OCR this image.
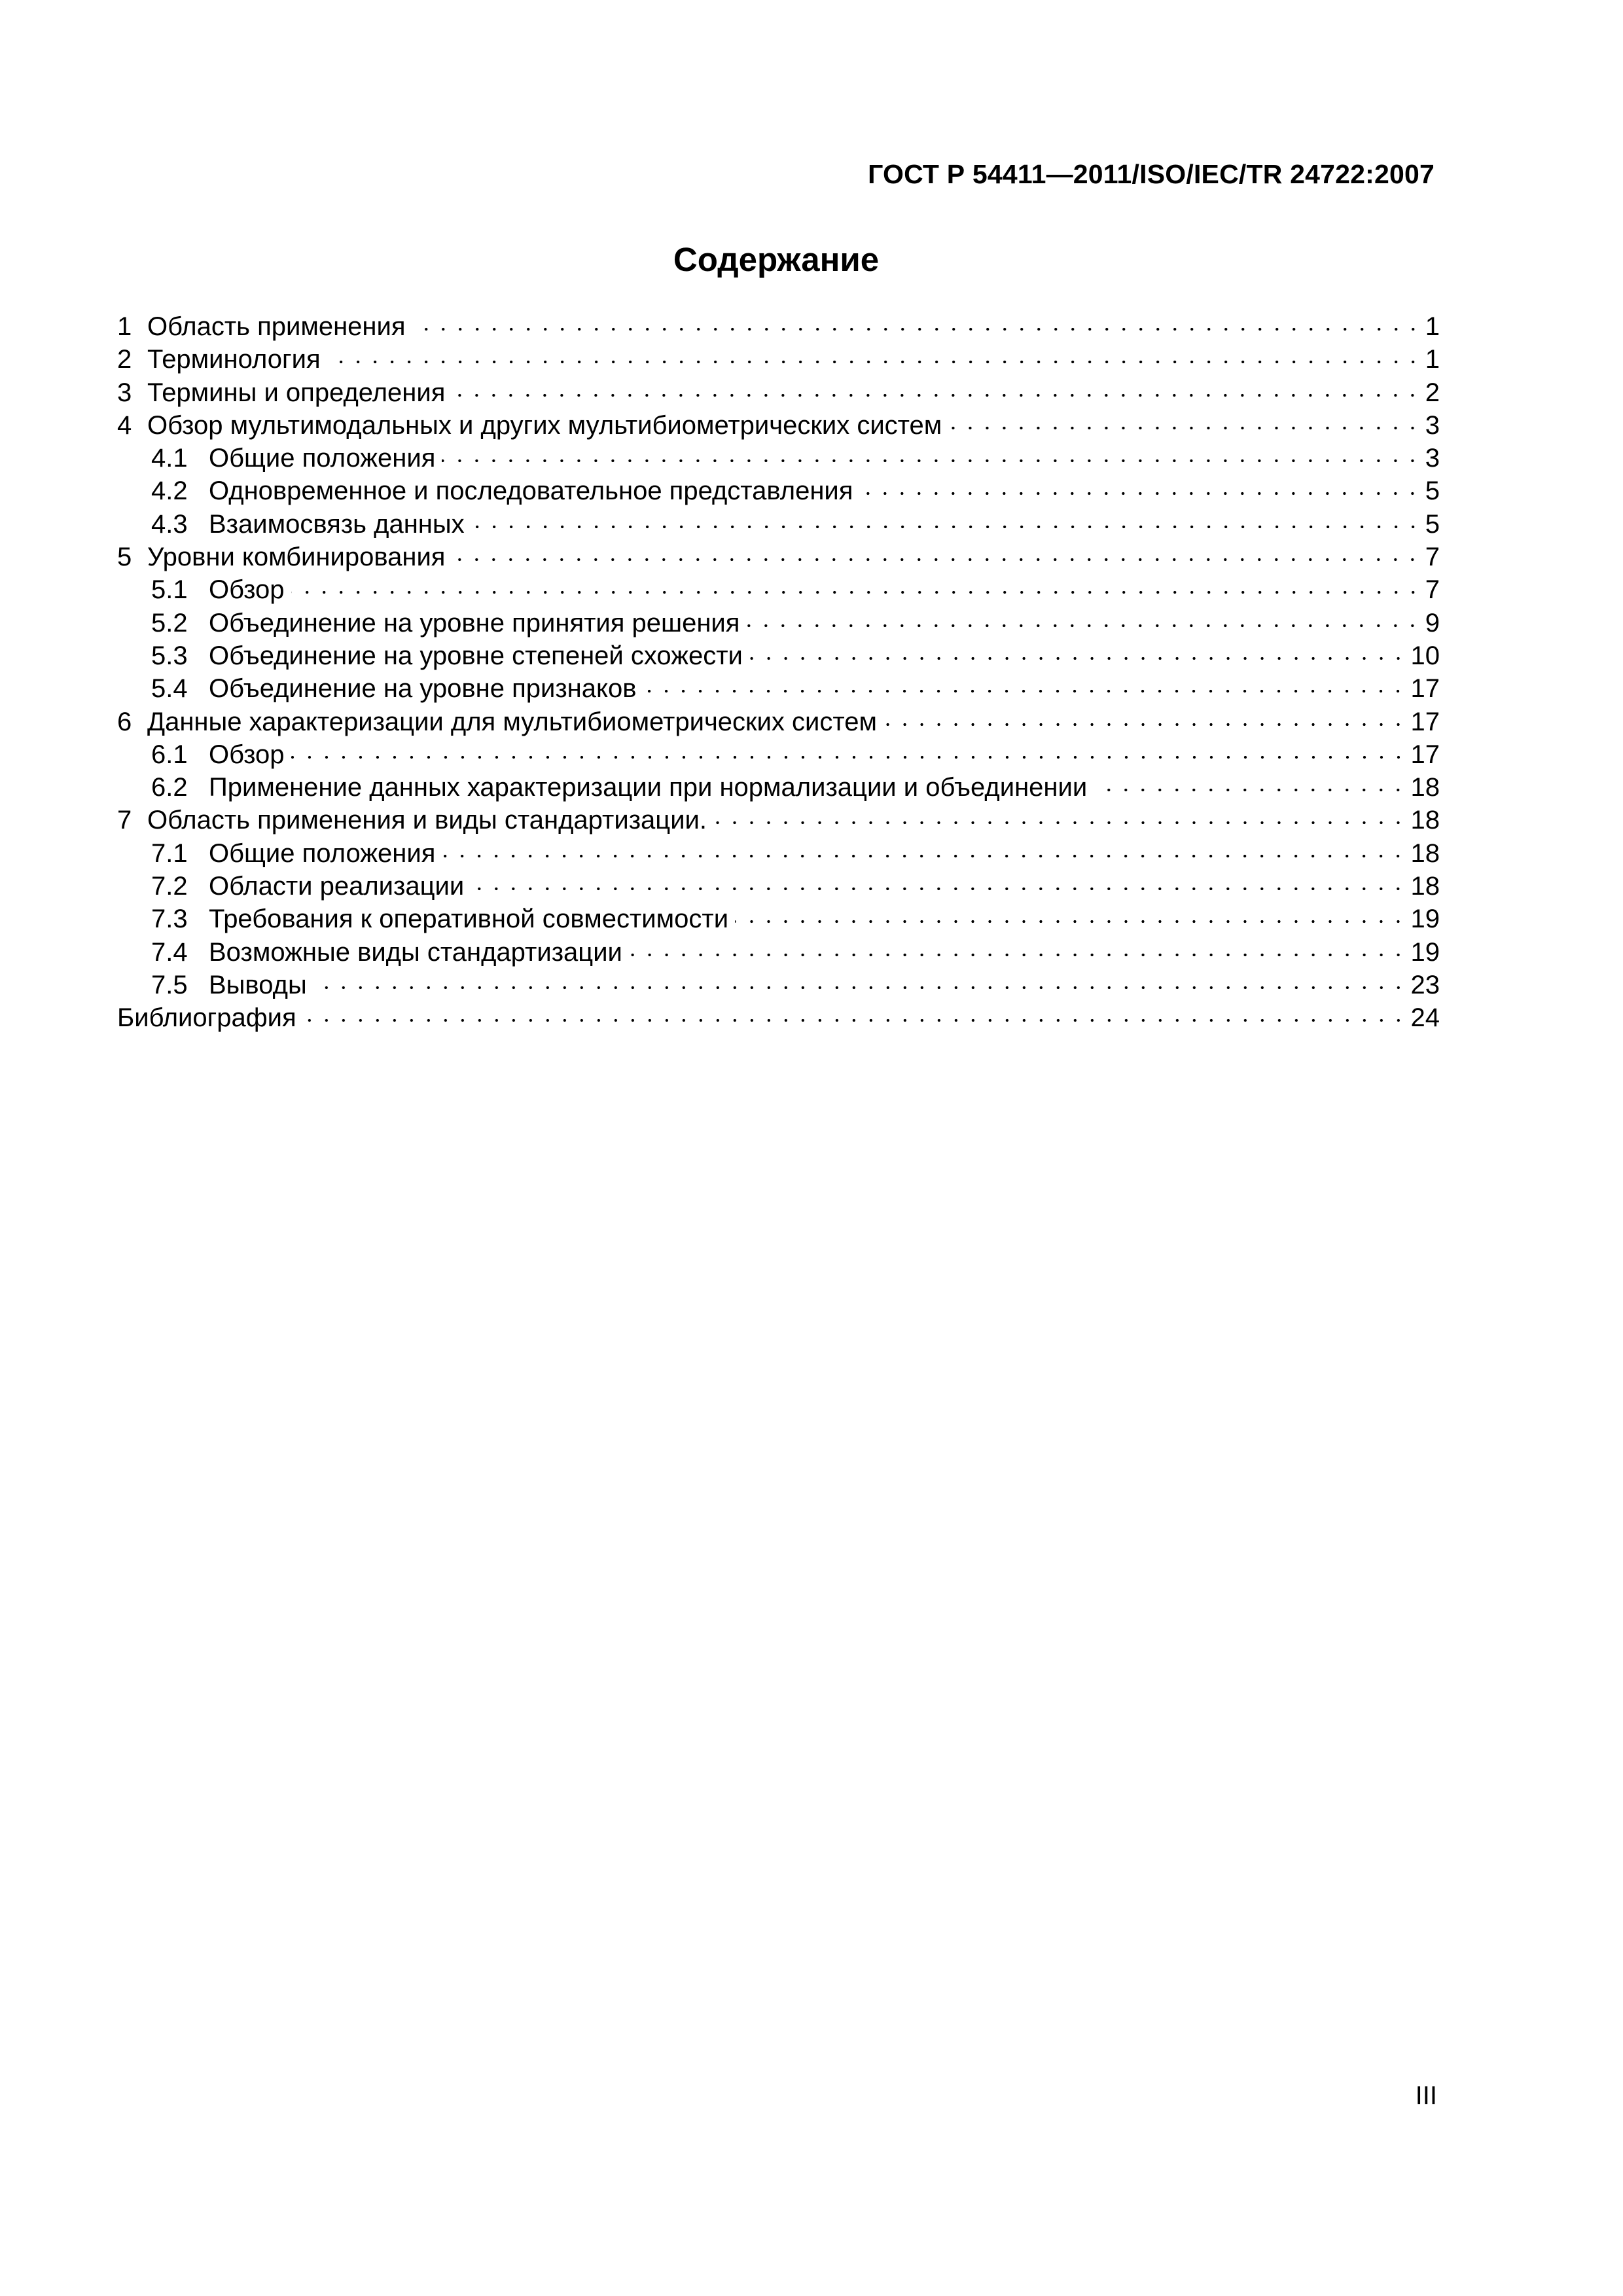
ГОСТ Р 54411—2011/ISO/IEC/TR 24722:2007
Содержание
1 Область применения	1
2 Терминология	1
3 Термины и определения	2
4 Обзор мультимодальных и других мультибиометрических систем	3
4.1 Общие положения	3
4.2 Одновременное и последовательное представления	5
4.3 Взаимосвязь данных	5
5 Уровни комбинирования	7
5.1 Обзор	7
5.2 Объединение на уровне принятия решения	9
5.3 Объединение на уровне степеней схожести	10
5.4 Объединение на уровне признаков	17
6 Данные характеризации для мультибиометрических систем	17
6.1 Обзор	17
6.2 Применение данных характеризации при нормализации и объединении	18
7 Область применения и виды стандартизации.	18
7.1 Общие положения	18
7.2 Области реализации	18
7.3 Требования к оперативной совместимости	19
7.4 Возможные виды стандартизации	19
7.5 Выводы	23
Библиография	24
III
